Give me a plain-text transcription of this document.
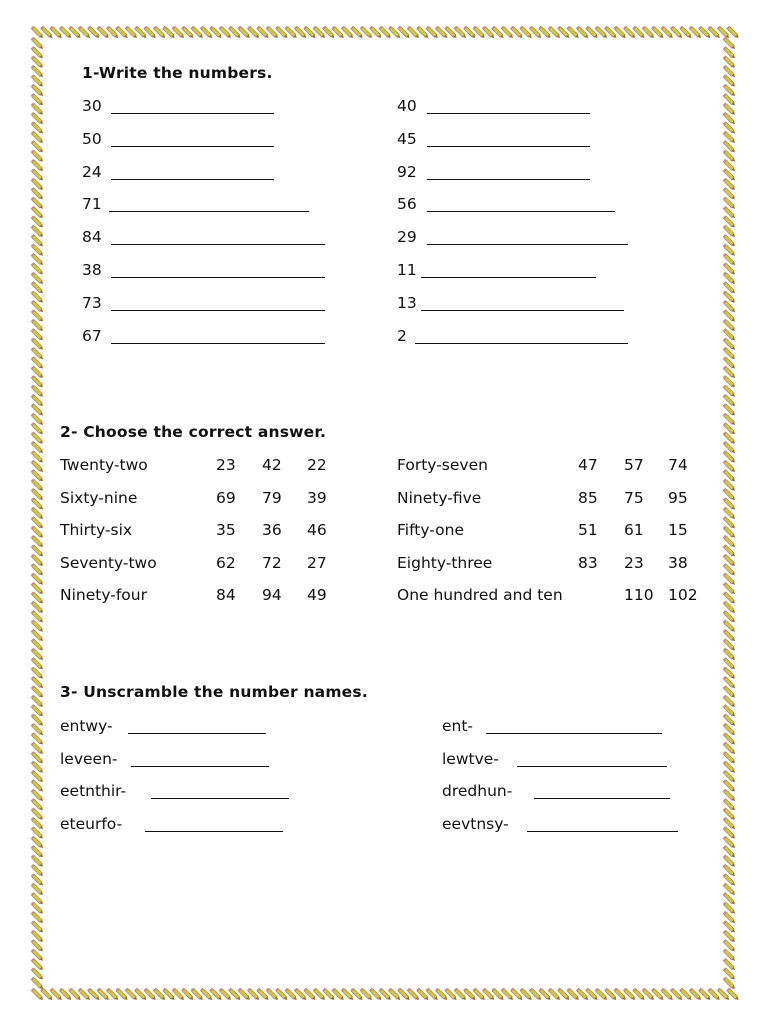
1-Write the numbers.
30
50
24
71
84
38
73
67
40
45
92
56
29
11
13
2
2- Choose the correct answer.
Twenty-two	23 42 22
Sixty-nine	69 79 39
Thirty-six	35 36 46
Seventy-two	62 72 27
Ninety-four	84 94 49
Forty-seven	47 57 74
Ninety-five	85 75 95
Fifty-one	51 61 15
Eighty-three	83 23 38
One hundred and ten	110 102
3- Unscramble the number names.
entwy-
leveen-
eetnthir-
eteurfo-
ent-
lewtve-
dredhun-
eevtnsy-
